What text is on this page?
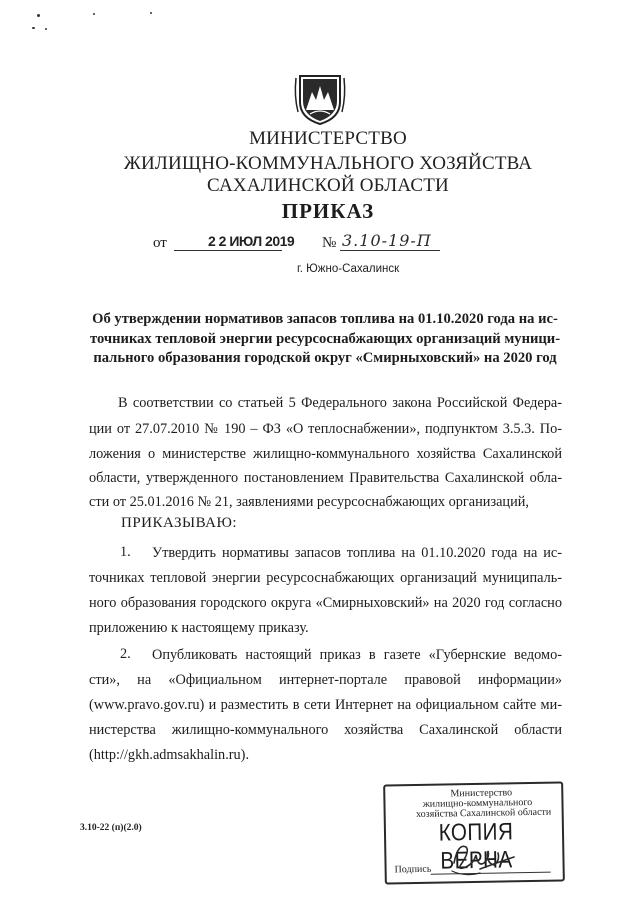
5
МИНИСТЕРСТВО
ЖИЛИЩНО-КОММУНАЛЬНОГО ХОЗЯЙСТВА
САХАЛИНСКОЙ ОБЛАСТИ
ПРИКАЗ
от	2 2 ИЮЛ 2019 № 3.10-19-П
г. Южно-Сахалинск
Об утверждении нормативов запасов топлива на 01.10.2020 года на ис-
точниках тепловой энергии ресурсоснабжающих организаций муници-
пального образования городской округ «Смирныховский» на 2020 год
В соответствии со статьей 5 Федерального закона Российской Федера-
ции от 27.07.2010 № 190 – ФЗ «О теплоснабжении», подпунктом 3.5.3. По-
ложения о министерстве жилищно-коммунального хозяйства Сахалинской
области, утвержденного постановлением Правительства Сахалинской обла-
сти от 25.01.2016 № 21, заявлениями ресурсоснабжающих организаций,
ПРИКАЗЫВАЮ:
1. Утвердить нормативы запасов топлива на 01.10.2020 года на ис-
точниках тепловой энергии ресурсоснабжающих организаций муниципаль-
ного образования городского округа «Смирныховский» на 2020 год согласно
приложению к настоящему приказу.
2. Опубликовать настоящий приказ в газете «Губернские ведомо-
сти», на «Официальном интернет-портале правовой информации»
(www.pravo.gov.ru) и разместить в сети Интернет на официальном сайте ми-
нистерства жилищно-коммунального хозяйства Сахалинской области
(http://gkh.admsakhalin.ru).
3.10-22 (п)(2.0)
Министерство
жилищно-коммунального
хозяйства Сахалинской области
КОПИЯ ВЕРНА
Подпись
